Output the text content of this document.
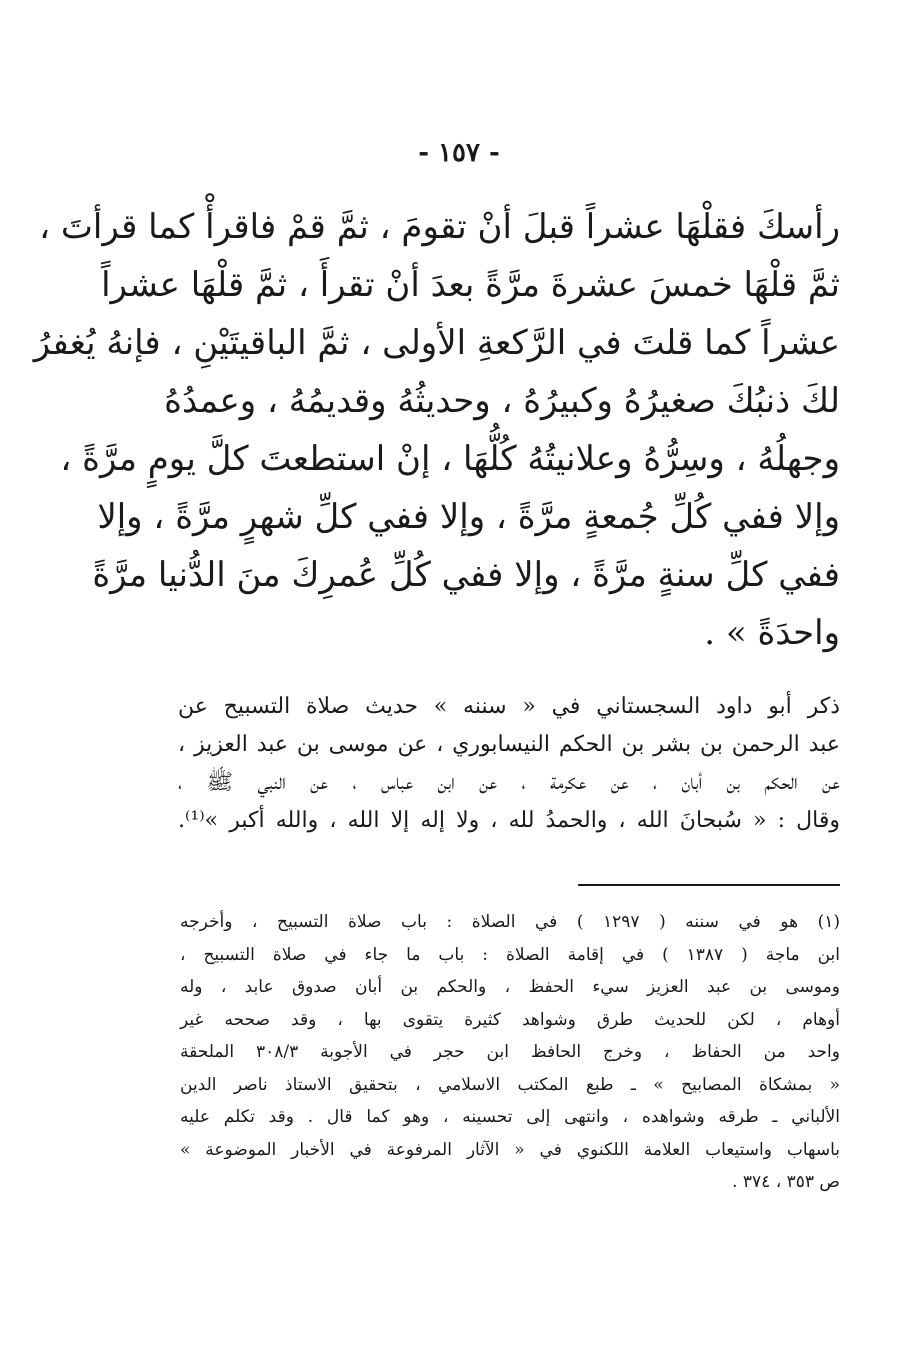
- ١٥٧ -
رأسكَ فقلْهَا عشراً قبلَ أنْ تقومَ ، ثمَّ قمْ فاقرأْ كما قرأتَ ،
ثمَّ قلْهَا خمسَ عشرةَ مرَّةً بعدَ أنْ تقرأَ ، ثمَّ قلْهَا عشراً
عشراً كما قلتَ في الرَّكعةِ الأولى ، ثمَّ الباقيتَيْنِ ، فإنهُ يُغفرُ
لكَ ذنبُكَ صغيرُهُ وكبيرُهُ ، وحديثُهُ وقديمُهُ ، وعمدُهُ
وجهلُهُ ، وسِرُّهُ وعلانيتُهُ كُلُّهَا ، إنْ استطعتَ كلَّ يومٍ مرَّةً ،
وإلا ففي كُلِّ جُمعةٍ مرَّةً ، وإلا ففي كلِّ شهرٍ مرَّةً ، وإلا
ففي كلِّ سنةٍ مرَّةً ، وإلا ففي كُلِّ عُمرِكَ منَ الدُّنيا مرَّةً
واحدَةً » .
ذكر أبو داود السجستاني في « سننه » حديث صلاة التسبيح عن
عبد الرحمن بن بشر بن الحكم النيسابوري ، عن موسى بن عبد العزيز ،
عن الحكم بن أبان ، عن عكرمة ، عن ابن عباس ، عن النبي ﷺ ،
وقال : « سُبحانَ الله ، والحمدُ لله ، ولا إله إلا الله ، والله أكبر »⁽¹⁾.
(١) هو في سننه ( ١٢٩٧ ) في الصلاة : باب صلاة التسبيح ، وأخرجه
ابن ماجة ( ١٣٨٧ ) في إقامة الصلاة : باب ما جاء في صلاة التسبيح ،
وموسى بن عبد العزيز سيء الحفظ ، والحكم بن أبان صدوق عابد ، وله
أوهام ، لكن للحديث طرق وشواهد كثيرة يتقوى بها ، وقد صححه غير
واحد من الحفاظ ، وخرج الحافظ ابن حجر في الأجوبة ٣٠٨/٣ الملحقة
« بمشكاة المصابيح » ـ طبع المكتب الاسلامي ، بتحقيق الاستاذ ناصر الدين
الألباني ـ طرقه وشواهده ، وانتهى إلى تحسينه ، وهو كما قال . وقد تكلم عليه
باسهاب واستيعاب العلامة اللكنوي في « الآثار المرفوعة في الأخبار الموضوعة »
ص ٣٥٣ ، ٣٧٤ .
